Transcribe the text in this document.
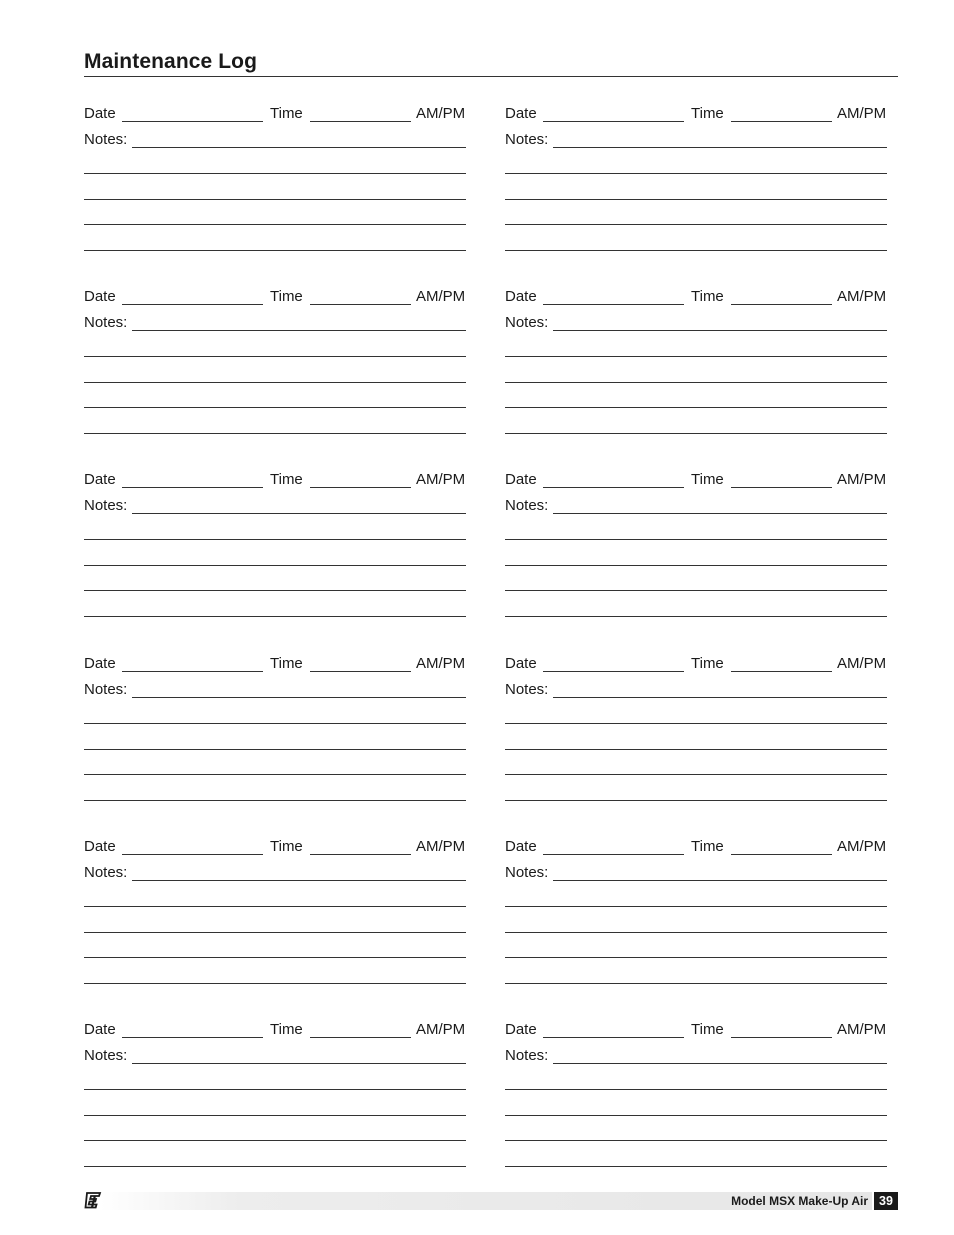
Maintenance Log
Date	Time	AM/PM
Notes:
Date	Time	AM/PM
Notes:
Date	Time	AM/PM
Notes:
Date	Time	AM/PM
Notes:
Date	Time	AM/PM
Notes:
Date	Time	AM/PM
Notes:
Date	Time	AM/PM
Notes:
Date	Time	AM/PM
Notes:
Date	Time	AM/PM
Notes:
Date	Time	AM/PM
Notes:
Date	Time	AM/PM
Notes:
Date	Time	AM/PM
Notes:
Model MSX Make-Up Air 39
